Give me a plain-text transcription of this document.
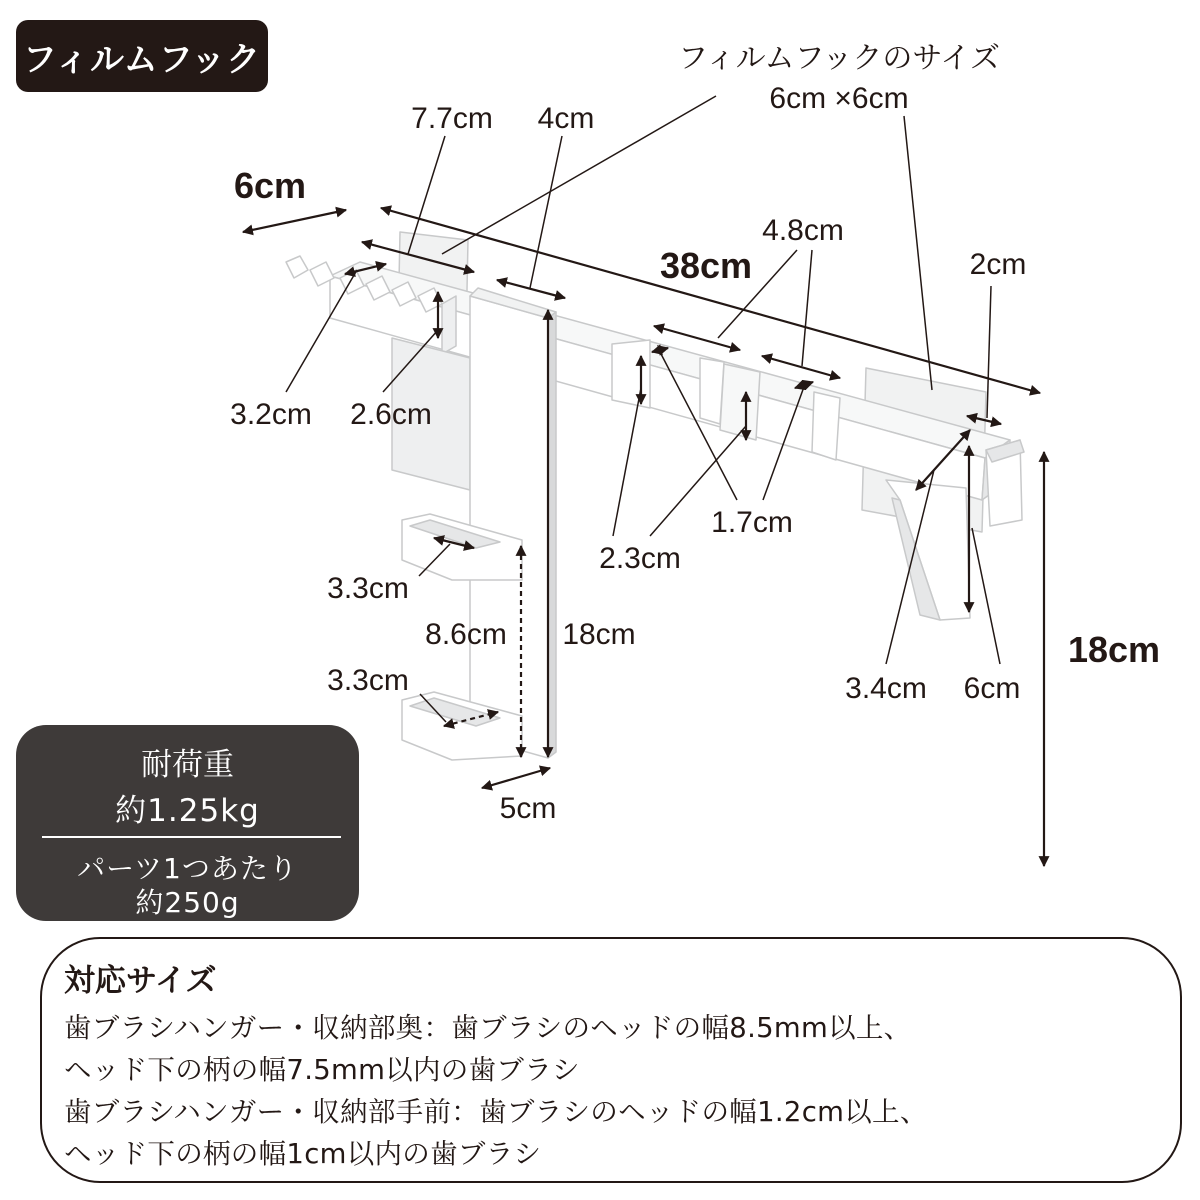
フィルムフック	フィルムフックのサイズ
6cm ×6cm
7.7cm 4cm
6cm
4.8cm
38cm	2cm
3.2cm 2.6cm
1.7cm
2.3cm
3.3cm
8.6cm 18cm	18cm
3.3cm	3.4cm 6cm
5cm
耐荷重
約1.25kg
パーツ1つあたり
約250g
対応サイズ
歯ブラシハンガー・収納部奥：歯ブラシのヘッドの幅8.5mm以上、
ヘッド下の柄の幅7.5mm以内の歯ブラシ
歯ブラシハンガー・収納部手前：歯ブラシのヘッドの幅1.2cm以上、
ヘッド下の柄の幅1cm以内の歯ブラシ
